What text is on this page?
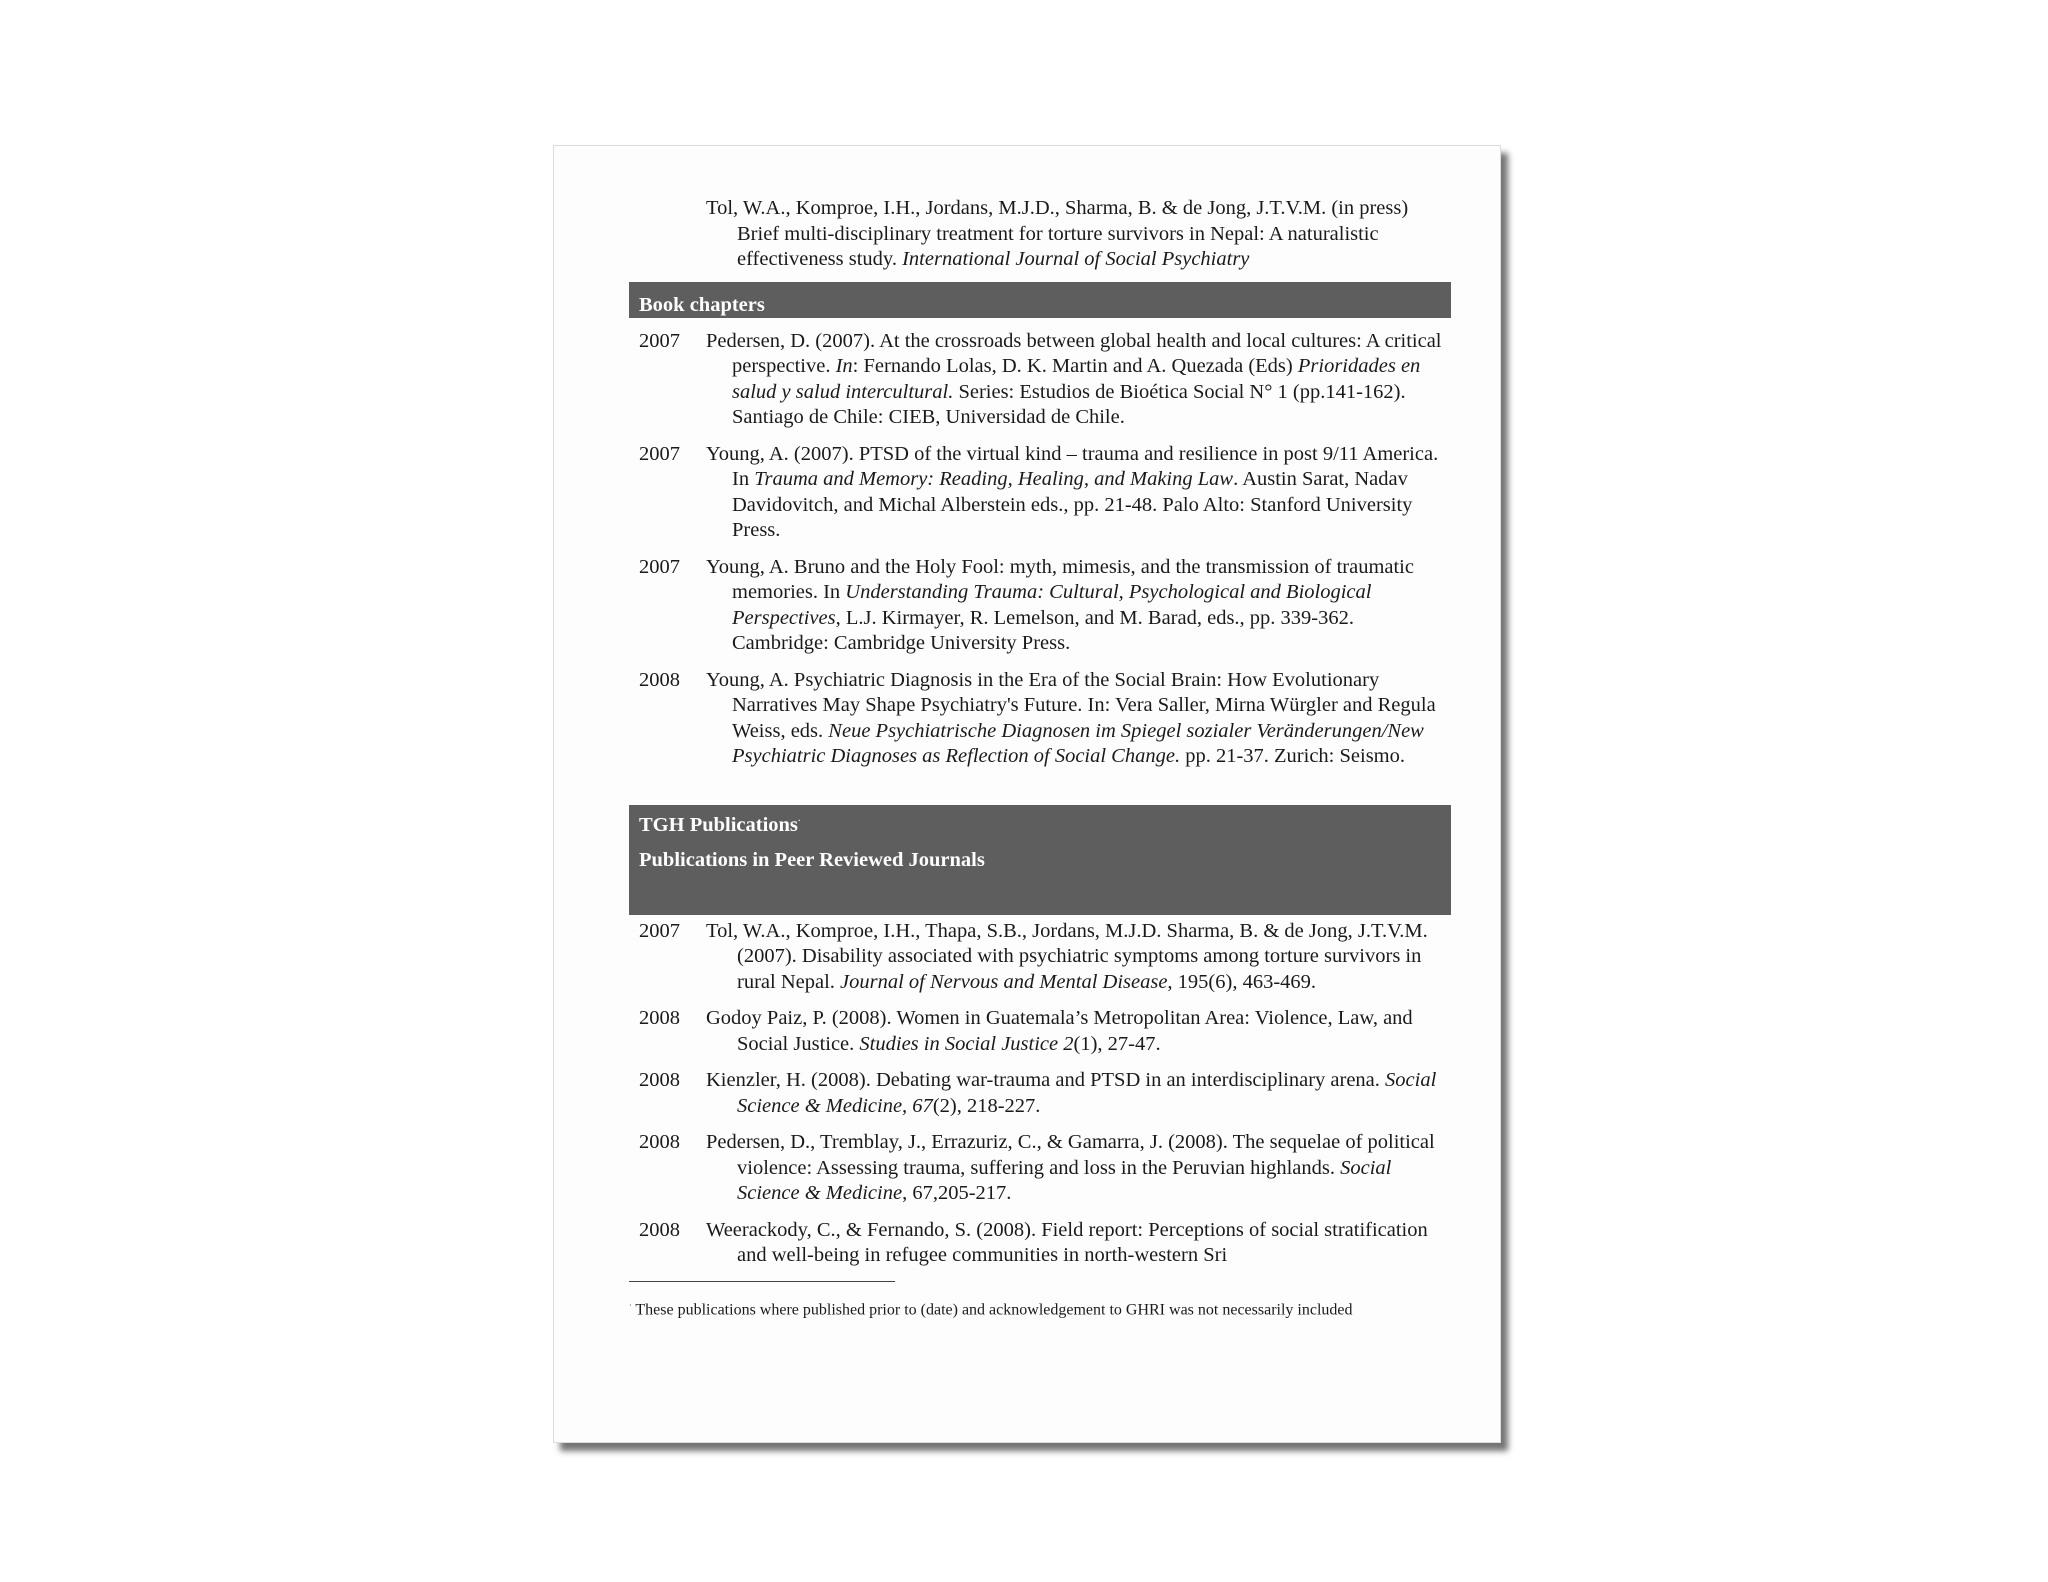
Tol, W.A., Komproe, I.H., Jordans, M.J.D., Sharma, B. & de Jong, J.T.V.M. (in press) Brief multi-disciplinary treatment for torture survivors in Nepal: A naturalistic effectiveness study. International Journal of Social Psychiatry
Book chapters
2007	Pedersen, D. (2007). At the crossroads between global health and local cultures: A critical perspective. In: Fernando Lolas, D. K. Martin and A. Quezada (Eds) Prioridades en salud y salud intercultural. Series: Estudios de Bioética Social N° 1 (pp.141-162). Santiago de Chile: CIEB, Universidad de Chile.
2007	Young, A. (2007). PTSD of the virtual kind – trauma and resilience in post 9/11 America. In Trauma and Memory: Reading, Healing, and Making Law. Austin Sarat, Nadav Davidovitch, and Michal Alberstein eds., pp. 21-48. Palo Alto: Stanford University Press.
2007	Young, A. Bruno and the Holy Fool: myth, mimesis, and the transmission of traumatic memories. In Understanding Trauma: Cultural, Psychological and Biological Perspectives, L.J. Kirmayer, R. Lemelson, and M. Barad, eds., pp. 339-362. Cambridge: Cambridge University Press.
2008	Young, A. Psychiatric Diagnosis in the Era of the Social Brain: How Evolutionary Narratives May Shape Psychiatry's Future. In: Vera Saller, Mirna Würgler and Regula Weiss, eds. Neue Psychiatrische Diagnosen im Spiegel sozialer Veränderungen/New Psychiatric Diagnoses as Reflection of Social Change. pp. 21-37. Zurich: Seismo.
TGH Publications·
Publications in Peer Reviewed Journals
2007	Tol, W.A., Komproe, I.H., Thapa, S.B., Jordans, M.J.D. Sharma, B. & de Jong, J.T.V.M. (2007). Disability associated with psychiatric symptoms among torture survivors in rural Nepal. Journal of Nervous and Mental Disease, 195(6), 463-469.
2008	Godoy Paiz, P. (2008). Women in Guatemala’s Metropolitan Area: Violence, Law, and Social Justice. Studies in Social Justice 2(1), 27-47.
2008	Kienzler, H. (2008). Debating war-trauma and PTSD in an interdisciplinary arena. Social Science & Medicine, 67(2), 218-227.
2008	Pedersen, D., Tremblay, J., Errazuriz, C., & Gamarra, J. (2008). The sequelae of political violence: Assessing trauma, suffering and loss in the Peruvian highlands. Social Science & Medicine, 67,205-217.
2008	Weerackody, C., & Fernando, S. (2008). Field report: Perceptions of social stratification and well-being in refugee communities in north-western Sri
· These publications where published prior to (date) and acknowledgement to GHRI was not necessarily included
